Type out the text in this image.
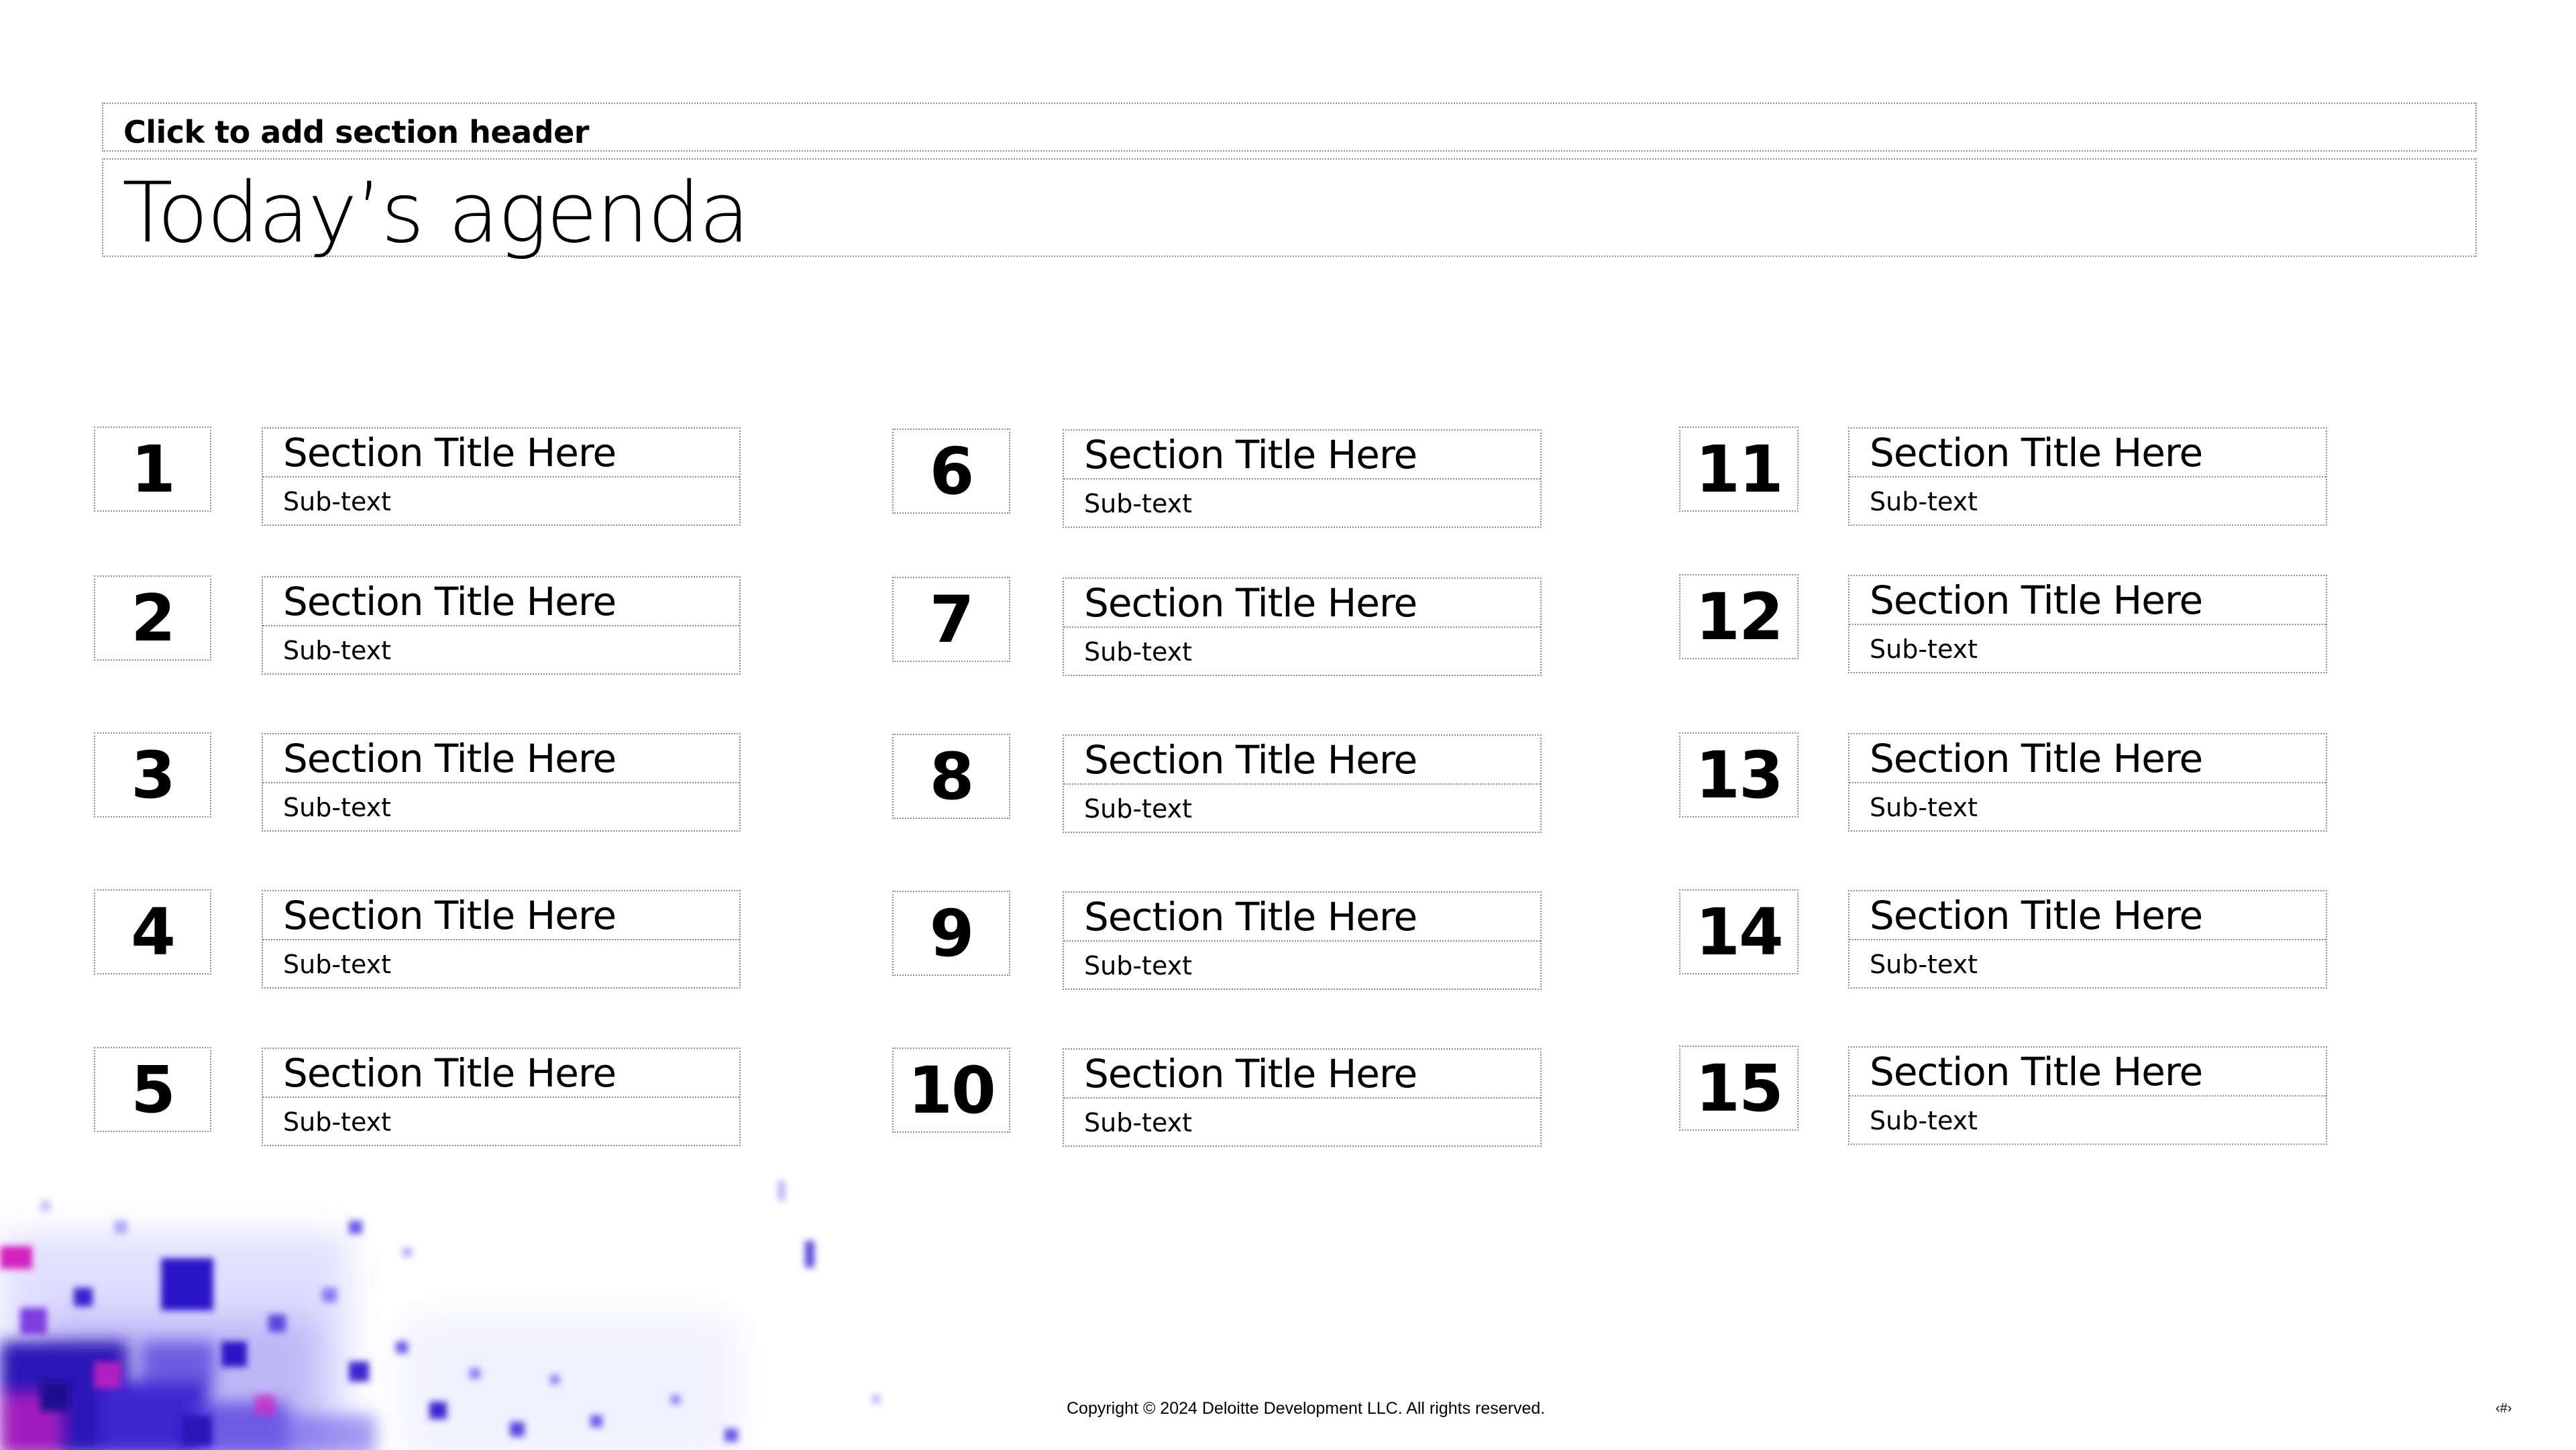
Click to add section header
Today’s agenda
1	Section Title Here
Sub-text
2	Section Title Here
Sub-text
3	Section Title Here
Sub-text
4	Section Title Here
Sub-text
5	Section Title Here
Sub-text
6	Section Title Here
Sub-text
7	Section Title Here
Sub-text
8	Section Title Here
Sub-text
9	Section Title Here
Sub-text
10	Section Title Here
Sub-text
11	Section Title Here
Sub-text
12	Section Title Here
Sub-text
13	Section Title Here
Sub-text
14	Section Title Here
Sub-text
15	Section Title Here
Sub-text
Copyright © 2024 Deloitte Development LLC. All rights reserved.	‹#›
